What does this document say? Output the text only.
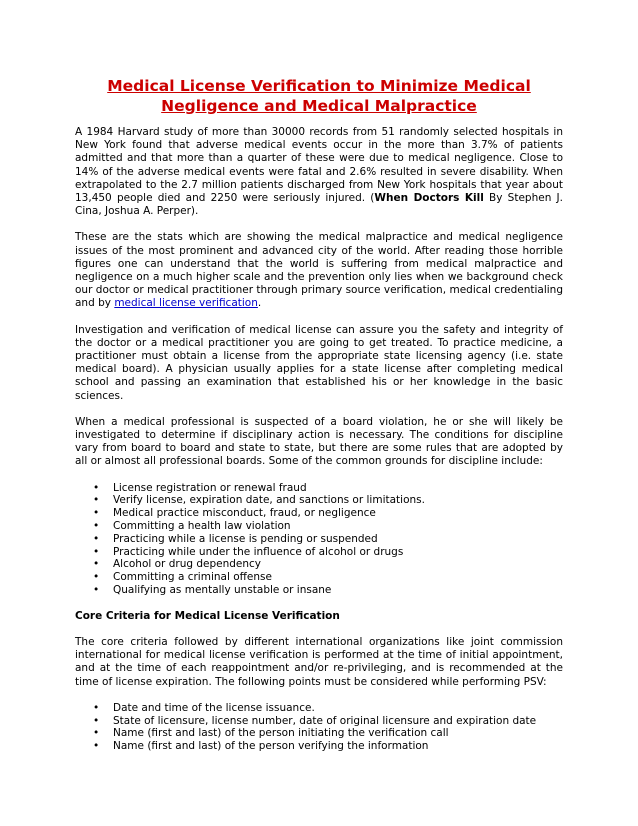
Medical License Verification to Minimize Medical Negligence and Medical Malpractice

A 1984 Harvard study of more than 30000 records from 51 randomly selected hospitals in New York found that adverse medical events occur in the more than 3.7% of patients admitted and that more than a quarter of these were due to medical negligence. Close to 14% of the adverse medical events were fatal and 2.6% resulted in severe disability. When extrapolated to the 2.7 million patients discharged from New York hospitals that year about 13,450 people died and 2250 were seriously injured. (When Doctors Kill By Stephen J. Cina, Joshua A. Perper).

These are the stats which are showing the medical malpractice and medical negligence issues of the most prominent and advanced city of the world. After reading those horrible figures one can understand that the world is suffering from medical malpractice and negligence on a much higher scale and the prevention only lies when we background check our doctor or medical practitioner through primary source verification, medical credentialing and by medical license verification.

Investigation and verification of medical license can assure you the safety and integrity of the doctor or a medical practitioner you are going to get treated. To practice medicine, a practitioner must obtain a license from the appropriate state licensing agency (i.e. state medical board). A physician usually applies for a state license after completing medical school and passing an examination that established his or her knowledge in the basic sciences.

When a medical professional is suspected of a board violation, he or she will likely be investigated to determine if disciplinary action is necessary. The conditions for discipline vary from board to board and state to state, but there are some rules that are adopted by all or almost all professional boards. Some of the common grounds for discipline include:

• License registration or renewal fraud
• Verify license, expiration date, and sanctions or limitations.
• Medical practice misconduct, fraud, or negligence
• Committing a health law violation
• Practicing while a license is pending or suspended
• Practicing while under the influence of alcohol or drugs
• Alcohol or drug dependency
• Committing a criminal offense
• Qualifying as mentally unstable or insane
Core Criteria for Medical License Verification

The core criteria followed by different international organizations like joint commission international for medical license verification is performed at the time of initial appointment, and at the time of each reappointment and/or re-privileging, and is recommended at the time of license expiration. The following points must be considered while performing PSV:

• Date and time of the license issuance.
• State of licensure, license number, date of original licensure and expiration date
• Name (first and last) of the person initiating the verification call
• Name (first and last) of the person verifying the information
